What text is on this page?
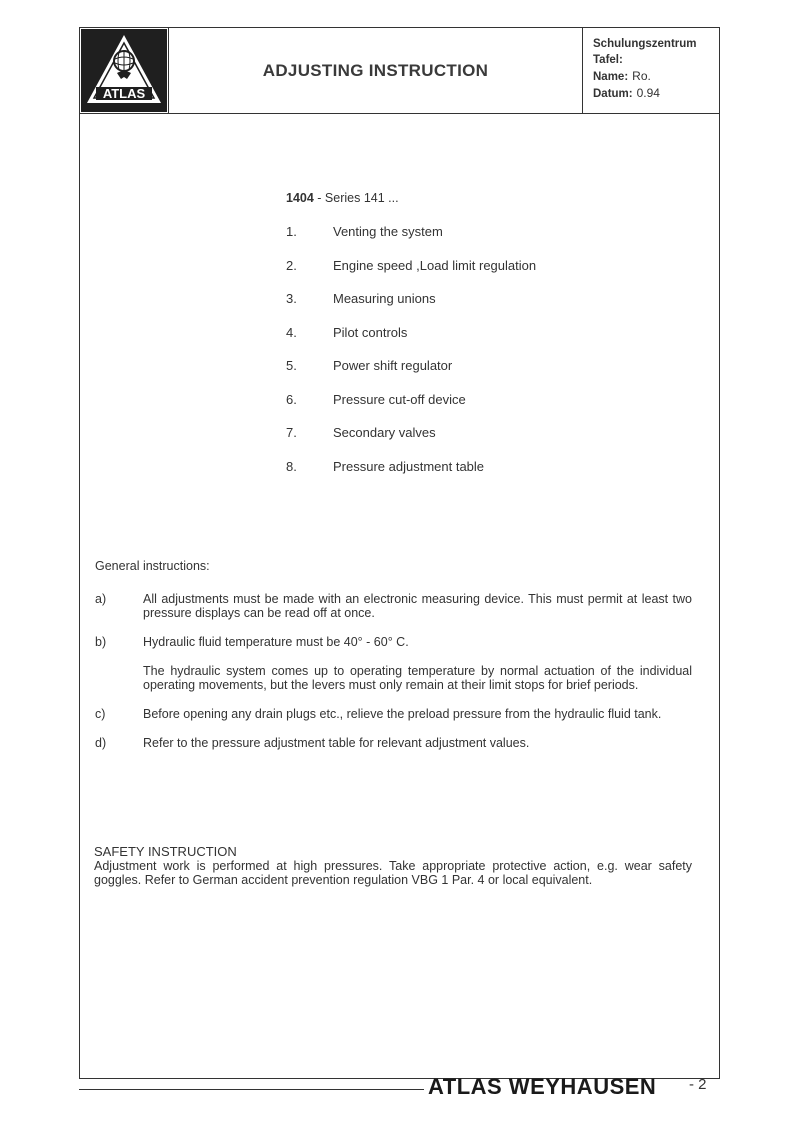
ATLAS
ADJUSTING INSTRUCTION
Schulungszentrum
Tafel:
Name: Ro.
Datum: 0.94
1404 - Series 141 ...
1.	Venting the system
2.	Engine speed ,Load limit regulation
3.	Measuring unions
4.	Pilot controls
5.	Power shift regulator
6.	Pressure cut-off device
7.	Secondary valves
8.	Pressure adjustment table
General instructions:
a)	All adjustments must be made with an electronic measuring device. This must permit at least two pressure displays can be read off at once.

b)	Hydraulic fluid temperature must be 40° - 60° C.

The hydraulic system comes up to operating temperature by normal actuation of the individual operating movements, but the levers must only remain at their limit stops for brief periods.

c)	Before opening any drain plugs etc., relieve the preload pressure from the hydraulic fluid tank.

d)	Refer to the pressure adjustment table for relevant adjustment values.

SAFETY INSTRUCTION
Adjustment work is performed at high pressures. Take appropriate protective action, e.g. wear safety goggles. Refer to German accident prevention regulation VBG 1 Par. 4 or local equivalent.
ATLAS WEYHAUSEN - 2
